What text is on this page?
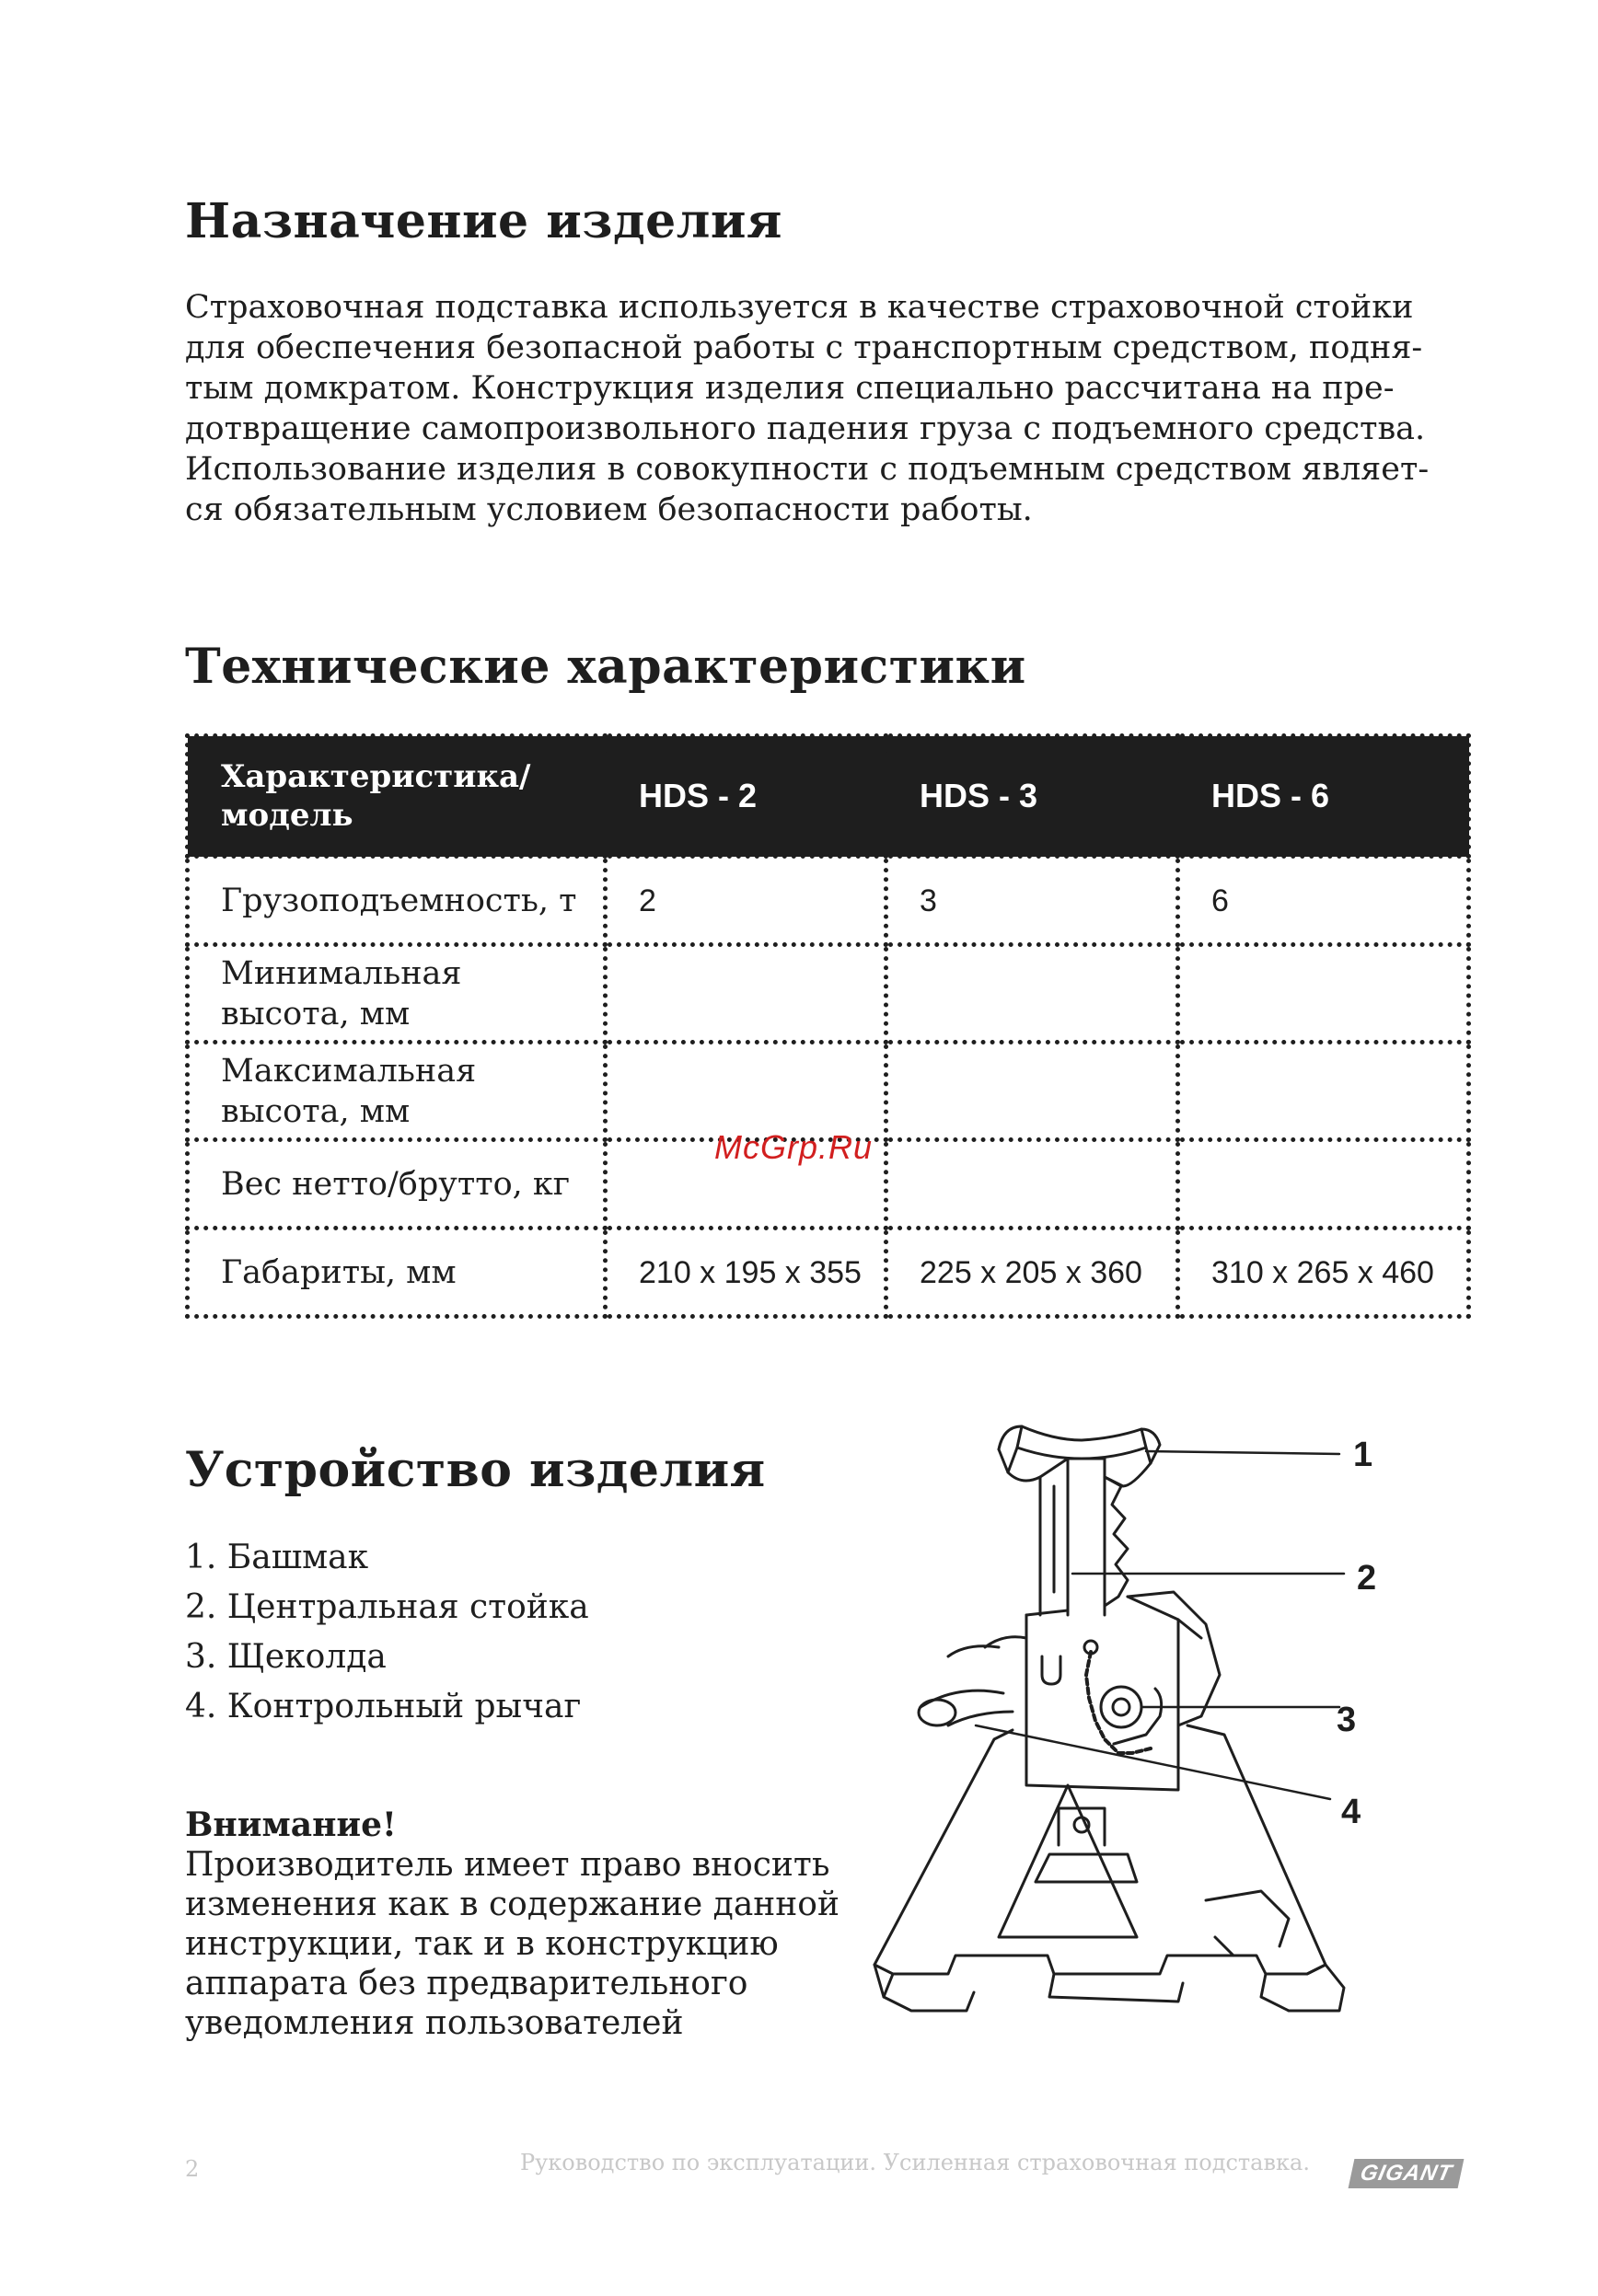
Назначение изделия
Страховочная подставка используется в качестве страховочной стойки
для обеспечения безопасной работы с транспортным средством, подня-
тым домкратом. Конструкция изделия специально рассчитана на пре-
дотвращение самопроизвольного падения груза с подъемного средства.
Использование изделия в совокупности с подъемным средством являет-
ся обязательным условием безопасности работы.
Технические характеристики
Характеристика/
модель	HDS - 2	HDS - 3	HDS - 6
Грузоподъемность, т	2	3	6

Минимальная
высота, мм			

Максимальная
высота, мм			

Вес нетто/брутто, кг			
Габариты, мм	210 х 195 х 355	225 х 205 х 360	310 х 265 х 460
McGrp.Ru
Устройство изделия
1. Башмак
2. Центральная стойка
3. Щеколда
4. Контрольный рычаг
Внимание!
Производитель имеет право вносить
изменения как в содержание данной
инструкции, так и в конструкцию
аппарата без предварительного
уведомления пользователей
1
2
3
4
2	Руководство по эксплуатации. Усиленная страховочная подставка.	GIGANT
